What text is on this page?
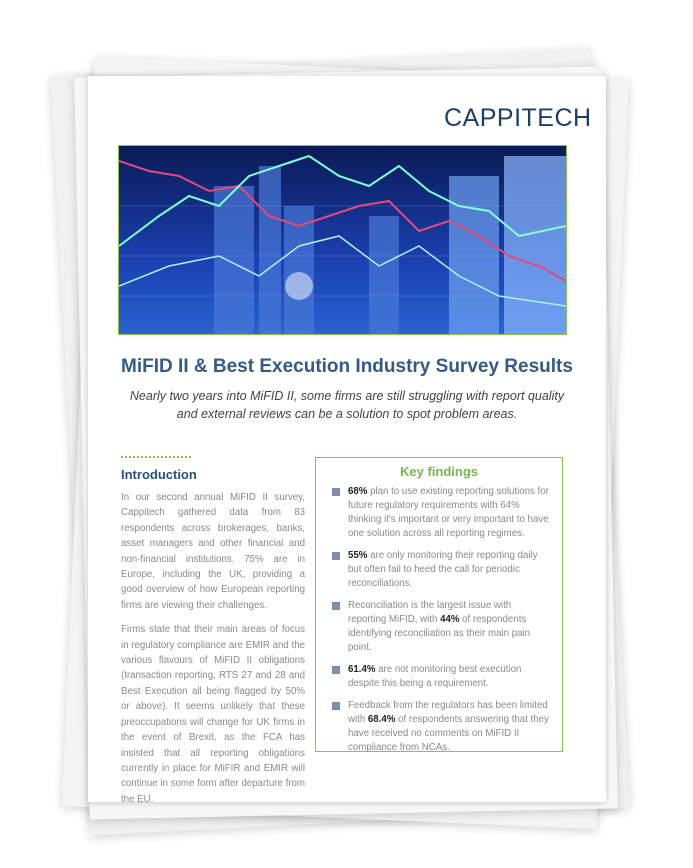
CAPPITECH
MiFID II & Best Execution Industry Survey Results
Nearly two years into MiFID II, some firms are still struggling with report quality and external reviews can be a solution to spot problem areas.
Introduction

In our second annual MiFID II survey, Cappitech gathered data from 83 respondents across brokerages, banks, asset managers and other financial and non-financial institutions. 75% are in Europe, including the UK, providing a good overview of how European reporting firms are viewing their challenges.

Firms state that their main areas of focus in regulatory compliance are EMIR and the various flavours of MiFID II obligations (transaction reporting, RTS 27 and 28 and Best Execution all being flagged by 50% or above). It seems unlikely that these preoccupations will change for UK firms in the event of Brexit, as the FCA has insisted that all reporting obligations currently in place for MiFIR and EMIR will continue in some form after departure from the EU.

Key findings
68% plan to use existing reporting solutions for future regulatory requirements with 64% thinking it's important or very important to have one solution across all reporting regimes.
55% are only monitoring their reporting daily but often fail to heed the call for periodic reconciliations.
Reconciliation is the largest issue with reporting MiFID, with 44% of respondents identifying reconciliation as their main pain point.
61.4% are not monitoring best execution despite this being a requirement.
Feedback from the regulators has been limited with 68.4% of respondents answering that they have received no comments on MiFID II compliance from NCAs.
